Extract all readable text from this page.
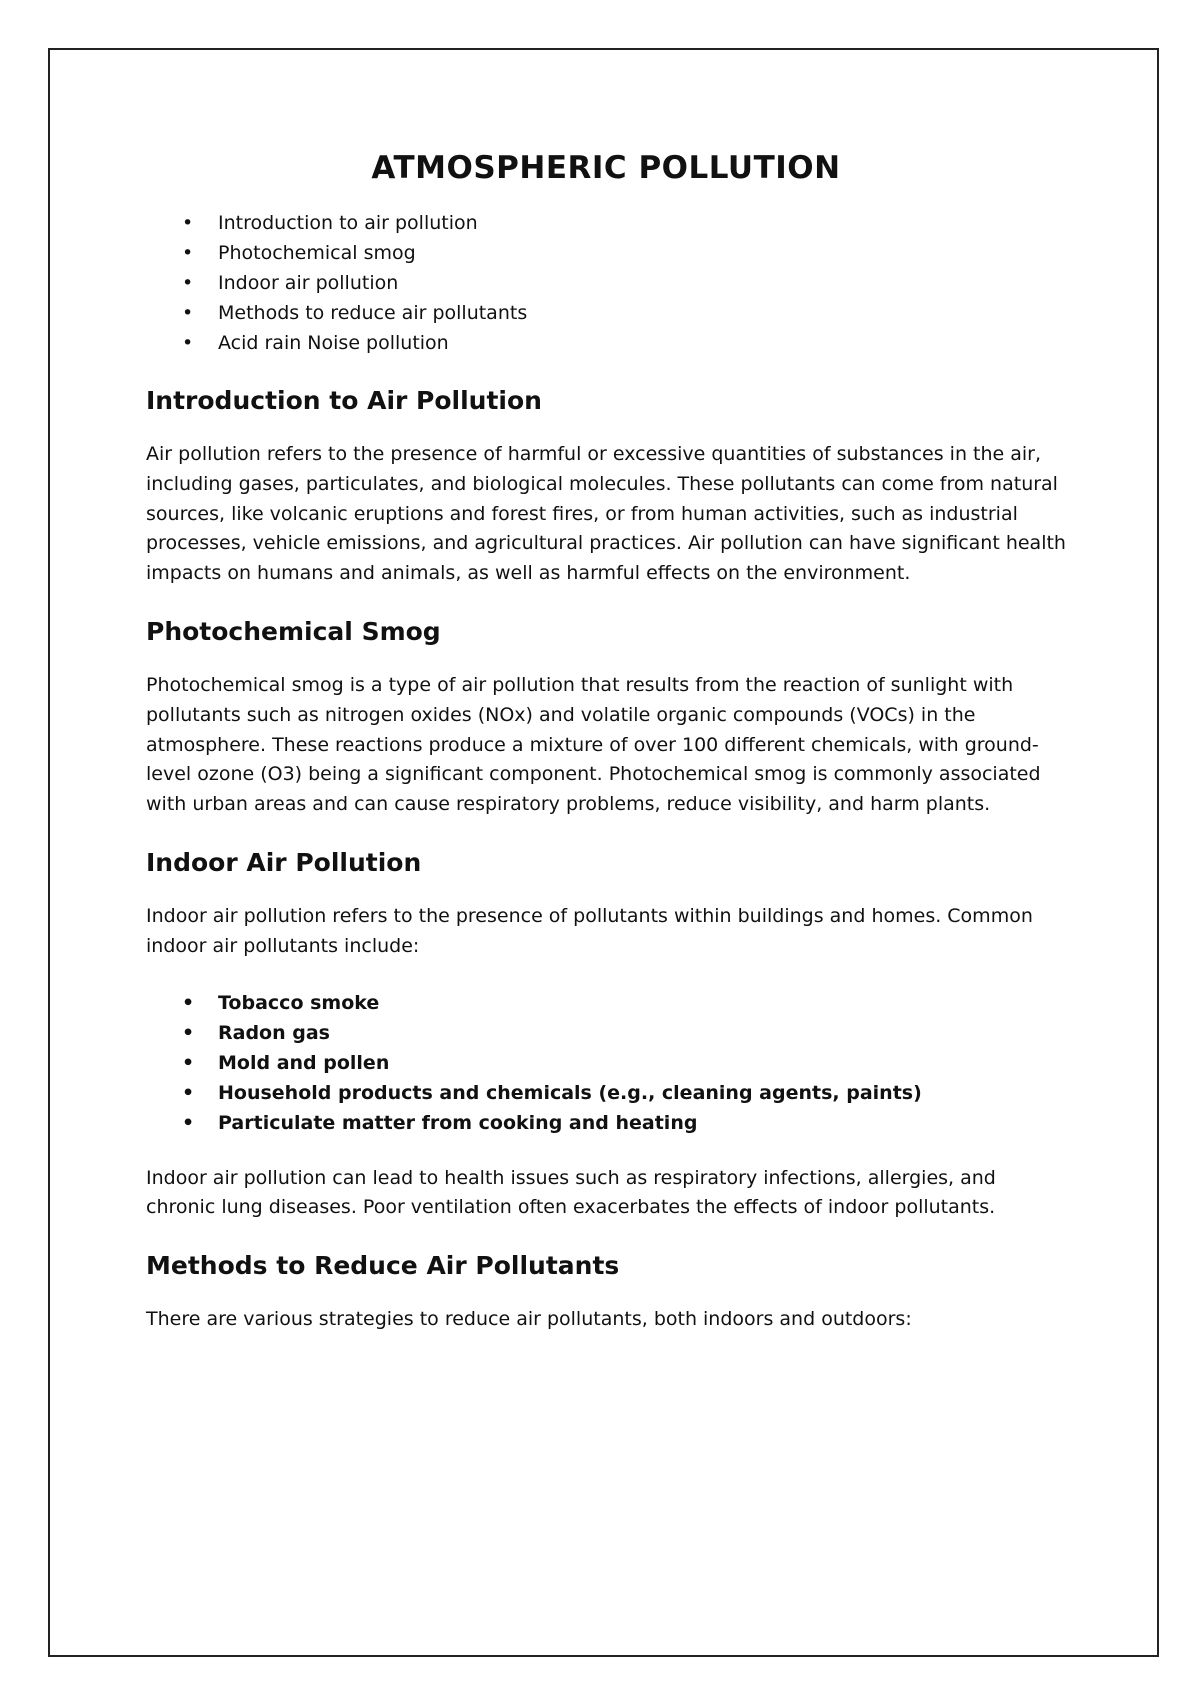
ATMOSPHERIC POLLUTION
• Introduction to air pollution
• Photochemical smog
• Indoor air pollution
• Methods to reduce air pollutants
• Acid rain Noise pollution
Introduction to Air Pollution

Air pollution refers to the presence of harmful or excessive quantities of substances in the air, including gases, particulates, and biological molecules. These pollutants can come from natural sources, like volcanic eruptions and forest fires, or from human activities, such as industrial processes, vehicle emissions, and agricultural practices. Air pollution can have significant health impacts on humans and animals, as well as harmful effects on the environment.

Photochemical Smog

Photochemical smog is a type of air pollution that results from the reaction of sunlight with pollutants such as nitrogen oxides (NOx) and volatile organic compounds (VOCs) in the atmosphere. These reactions produce a mixture of over 100 different chemicals, with ground-level ozone (O3) being a significant component. Photochemical smog is commonly associated with urban areas and can cause respiratory problems, reduce visibility, and harm plants.

Indoor Air Pollution

Indoor air pollution refers to the presence of pollutants within buildings and homes. Common indoor air pollutants include:

• Tobacco smoke
• Radon gas
• Mold and pollen
• Household products and chemicals (e.g., cleaning agents, paints)
• Particulate matter from cooking and heating

Indoor air pollution can lead to health issues such as respiratory infections, allergies, and chronic lung diseases. Poor ventilation often exacerbates the effects of indoor pollutants.

Methods to Reduce Air Pollutants

There are various strategies to reduce air pollutants, both indoors and outdoors:
